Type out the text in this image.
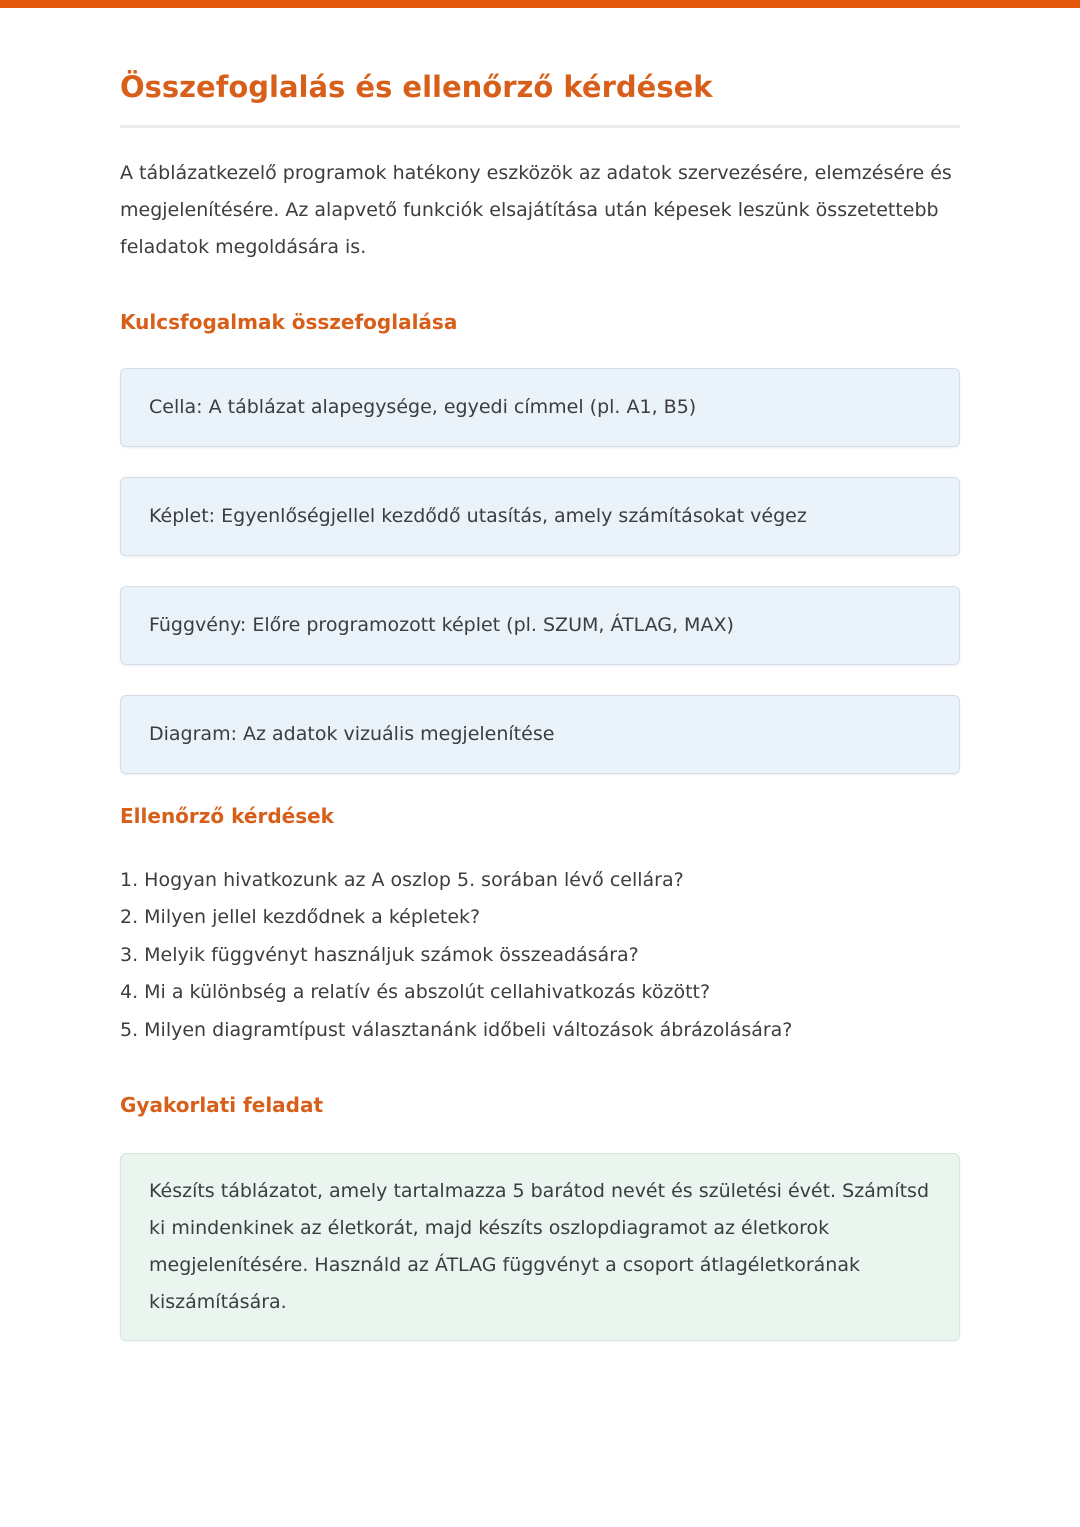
Összefoglalás és ellenőrző kérdések

A táblázatkezelő programok hatékony eszközök az adatok szervezésére, elemzésére és megjelenítésére. Az alapvető funkciók elsajátítása után képesek leszünk összetettebb feladatok megoldására is.

Kulcsfogalmak összefoglalása
Cella: A táblázat alapegysége, egyedi címmel (pl. A1, B5)
Képlet: Egyenlőségjellel kezdődő utasítás, amely számításokat végez
Függvény: Előre programozott képlet (pl. SZUM, ÁTLAG, MAX)
Diagram: Az adatok vizuális megjelenítése
Ellenőrző kérdések
1. Hogyan hivatkozunk az A oszlop 5. sorában lévő cellára?
2. Milyen jellel kezdődnek a képletek?
3. Melyik függvényt használjuk számok összeadására?
4. Mi a különbség a relatív és abszolút cellahivatkozás között?
5. Milyen diagramtípust választanánk időbeli változások ábrázolására?
Gyakorlati feladat
Készíts táblázatot, amely tartalmazza 5 barátod nevét és születési évét. Számítsd ki mindenkinek az életkorát, majd készíts oszlopdiagramot az életkorok megjelenítésére. Használd az ÁTLAG függvényt a csoport átlagéletkorának kiszámítására.
